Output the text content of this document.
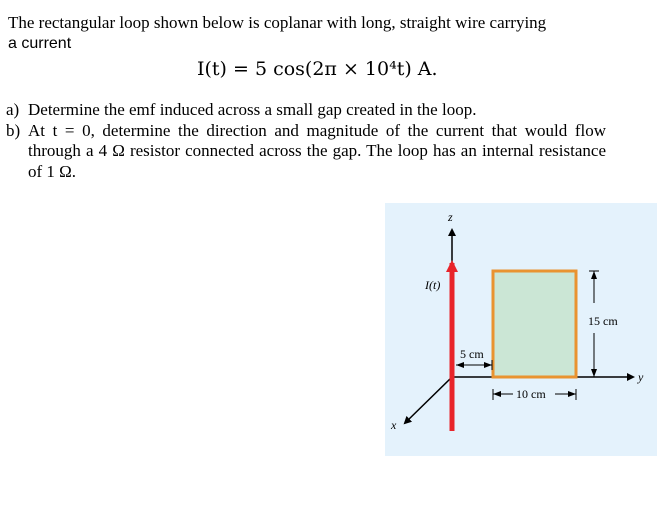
The rectangular loop shown below is coplanar with long, straight wire carrying
a current
I(t) = 5 cos(2π × 10⁴t) A.
a) Determine the emf induced across a small gap created in the loop.
b) At t = 0, determine the direction and magnitude of the current that would flow through a 4 Ω resistor connected across the gap. The loop has an internal resistance of 1 Ω.
z
y
x
I(t)
5 cm
10 cm
15 cm
